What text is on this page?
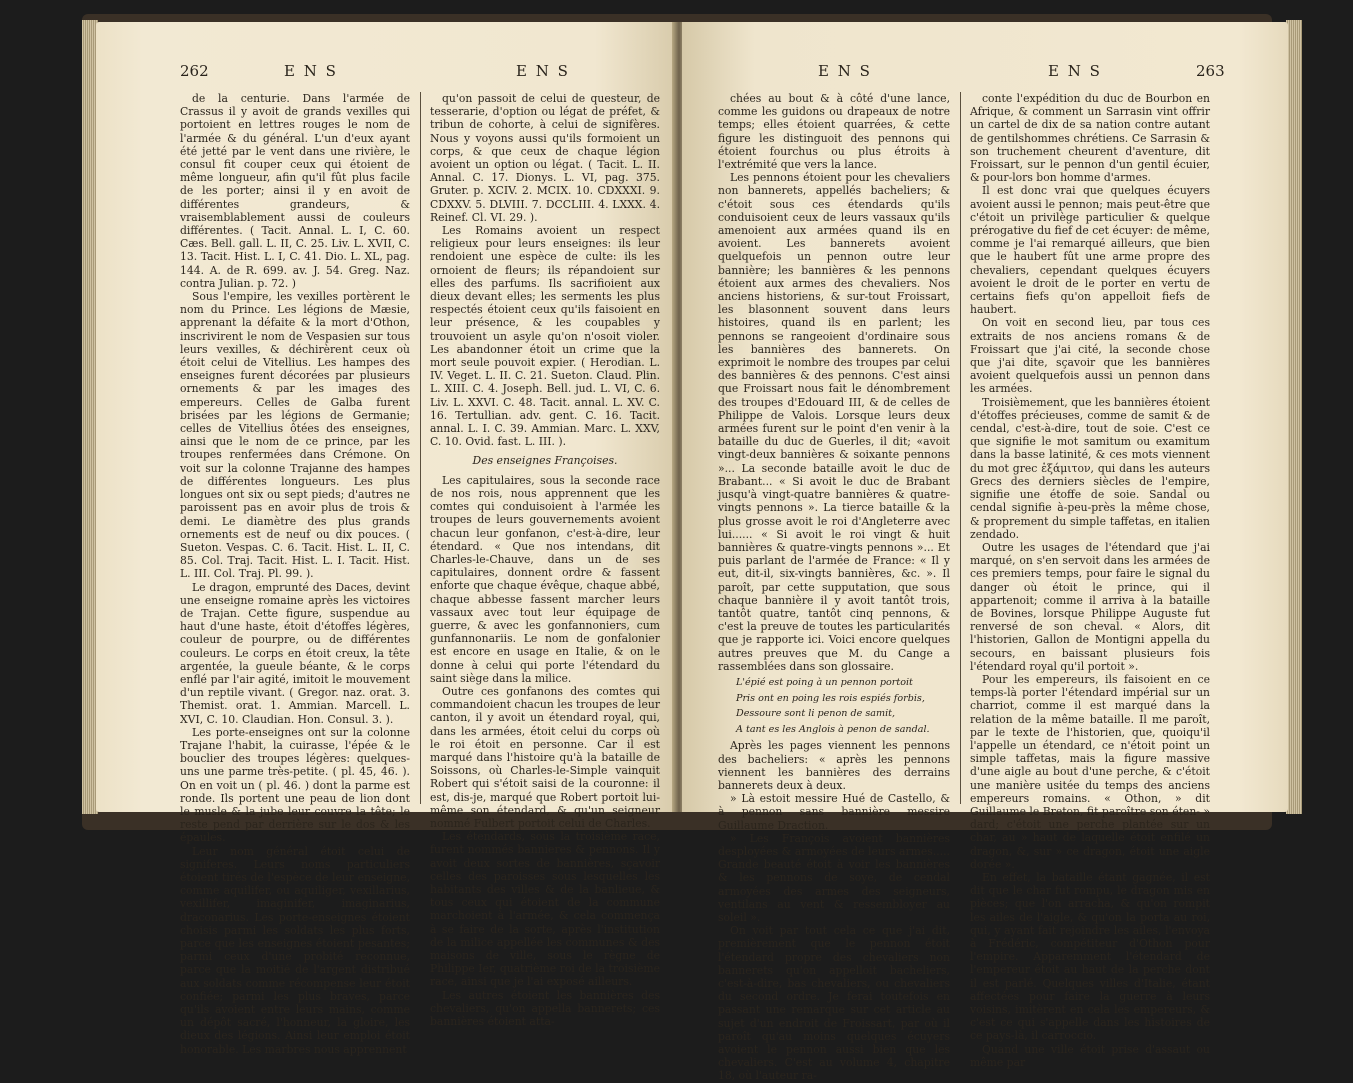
262	E N S	E N S

de la centurie. Dans l'armée de Crassus il y avoit de grands vexilles qui portoient en lettres rouges le nom de l'armée & du général. L'un d'eux ayant été jetté par le vent dans une rivière, le consul fit couper ceux qui étoient de même longueur, afin qu'il fût plus facile de les porter; ainsi il y en avoit de différentes grandeurs, & vraisemblablement aussi de couleurs différentes. ( Tacit. Annal. L. I, C. 60. Cæs. Bell. gall. L. II, C. 25. Liv. L. XVII, C. 13. Tacit. Hist. L. I, C. 41. Dio. L. XL, pag. 144. A. de R. 699. av. J. 54. Greg. Naz. contra Julian. p. 72. )

Sous l'empire, les vexilles portèrent le nom du Prince. Les légions de Mæsie, apprenant la défaite & la mort d'Othon, inscrivirent le nom de Vespasien sur tous leurs vexilles, & déchirèrent ceux où étoit celui de Vitellius. Les hampes des enseignes furent décorées par plusieurs ornements & par les images des empereurs. Celles de Galba furent brisées par les légions de Germanie; celles de Vitellius ôtées des enseignes, ainsi que le nom de ce prince, par les troupes renfermées dans Crémone. On voit sur la colonne Trajanne des hampes de différentes longueurs. Les plus longues ont six ou sept pieds; d'autres ne paroissent pas en avoir plus de trois & demi. Le diamètre des plus grands ornements est de neuf ou dix pouces. ( Sueton. Vespas. C. 6. Tacit. Hist. L. II, C. 85. Col. Traj. Tacit. Hist. L. I. Tacit. Hist. L. III. Col. Traj. Pl. 99. ).

Le dragon, emprunté des Daces, devint une enseigne romaine après les victoires de Trajan. Cette figure, suspendue au haut d'une haste, étoit d'étoffes légères, couleur de pourpre, ou de différentes couleurs. Le corps en étoit creux, la tête argentée, la gueule béante, & le corps enflé par l'air agité, imitoit le mouvement d'un reptile vivant. ( Gregor. naz. orat. 3. Themist. orat. 1. Ammian. Marcell. L. XVI, C. 10. Claudian. Hon. Consul. 3. ).

Les porte-enseignes ont sur la colonne Trajane l'habit, la cuirasse, l'épée & le bouclier des troupes légères: quelques-uns une parme très-petite. ( pl. 45, 46. ). On en voit un ( pl. 46. ) dont la parme est ronde. Ils portent une peau de lion dont le musle & la jube leur couvre la tête; le reste pend par derrière sur le dos & les épaules.

Leur nom général étoit celui de signiferes. Leurs noms particuliers étoient tirés de l'espèce de leur enseigne, comme aquilifer, ou aquiliger, vexillarius, vexillifer, imaginifer, imaginarius, draconarius. Les porte-enseignes étoient choisis parmi les soldats les plus forts, parce que les enseignes étoient pesantes; parmi ceux d'une probité reconnue, parce que la moitié de l'argent distribué aux soldats comme récompense leur étoit confiée; parmi les plus braves, parce qu'ils avoient entre leurs mains, comme un dépôt sacré, l'honneur, la gloire, les dieux des légions. Ainsi leur emploi étoit honorable. Les marbres nous apprennent

qu'on passoit de celui de questeur, de tesserarie, d'option ou légat de préfet, & tribun de cohorte, à celui de signifères. Nous y voyons aussi qu'ils formoient un corps, & que ceux de chaque légion avoient un option ou légat. ( Tacit. L. II. Annal. C. 17. Dionys. L. VI, pag. 375. Gruter. p. XCIV. 2. MCIX. 10. CDXXXI. 9. CDXXV. 5. DLVIII. 7. DCCLIII. 4. LXXX. 4. Reinef. Cl. VI. 29. ).

Les Romains avoient un respect religieux pour leurs enseignes: ils leur rendoient une espèce de culte: ils les ornoient de fleurs; ils répandoient sur elles des parfums. Ils sacrifioient aux dieux devant elles; les serments les plus respectés étoient ceux qu'ils faisoient en leur présence, & les coupables y trouvoient un asyle qu'on n'osoit violer. Les abandonner étoit un crime que la mort seule pouvoit expier. ( Herodian. L. IV. Veget. L. II. C. 21. Sueton. Claud. Plin. L. XIII. C. 4. Joseph. Bell. jud. L. VI, C. 6. Liv. L. XXVI. C. 48. Tacit. annal. L. XV. C. 16. Tertullian. adv. gent. C. 16. Tacit. annal. L. I. C. 39. Ammian. Marc. L. XXV, C. 10. Ovid. fast. L. III. ).

Des enseignes Françoises.

Les capitulaires, sous la seconde race de nos rois, nous apprennent que les comtes qui conduisoient à l'armée les troupes de leurs gouvernements avoient chacun leur gonfanon, c'est-à-dire, leur étendard. « Que nos intendans, dit Charles-le-Chauve, dans un de ses capitulaires, donnent ordre & fassent enforte que chaque évêque, chaque abbé, chaque abbesse fassent marcher leurs vassaux avec tout leur équipage de guerre, & avec les gonfannoniers, cum gunfannonariis. Le nom de gonfalonier est encore en usage en Italie, & on le donne à celui qui porte l'étendard du saint siège dans la milice.

Outre ces gonfanons des comtes qui commandoient chacun les troupes de leur canton, il y avoit un étendard royal, qui, dans les armées, étoit celui du corps où le roi étoit en personne. Car il est marqué dans l'histoire qu'à la bataille de Soissons, où Charles-le-Simple vainquit Robert qui s'étoit saisi de la couronne: il est, dis-je, marqué que Robert portoit lui-même son étendard, & qu'un seigneur nommé Fulbert portoit celui de Charles.

Les étendards, sous la troisième race, furent nommés bannieres & pennons. Il y avoit deux sortes de bannières, sçavoir celles des paroisses sous lesquelles les habitants des villes & de la banlieue, & tous ceux qui étoient de la commune marchoient à l'armée, & cela commença à se faire de la sorte, après l'institution de la milice appellée les communes & des maisons de ville, sous le règne de Philippe Ier, quatrième roi de la troisième race, ainsi que je l'ai exposé ailleurs.

Les autres étoient les bannières des chevaliers, qu'on appella bannerets; ces bannières étoient atta-

E N S	E N S	263

chées au bout & à côté d'une lance, comme les guidons ou drapeaux de notre temps; elles étoient quarrées, & cette figure les distinguoit des pennons qui étoient fourchus ou plus étroits à l'extrémité que vers la lance.

Les pennons étoient pour les chevaliers non bannerets, appellés bacheliers; & c'étoit sous ces étendards qu'ils conduisoient ceux de leurs vassaux qu'ils amenoient aux armées quand ils en avoient. Les bannerets avoient quelquefois un pennon outre leur bannière; les bannières & les pennons étoient aux armes des chevaliers. Nos anciens historiens, & sur-tout Froissart, les blasonnent souvent dans leurs histoires, quand ils en parlent; les pennons se rangeoient d'ordinaire sous les bannières des bannerets. On exprimoit le nombre des troupes par celui des bannières & des pennons. C'est ainsi que Froissart nous fait le dénombrement des troupes d'Edouard III, & de celles de Philippe de Valois. Lorsque leurs deux armées furent sur le point d'en venir à la bataille du duc de Guerles, il dit; «avoit vingt-deux bannières & soixante pennons »... La seconde bataille avoit le duc de Brabant... « Si avoit le duc de Brabant jusqu'à vingt-quatre bannières & quatre-vingts pennons ». La tierce bataille & la plus grosse avoit le roi d'Angleterre avec lui...... « Si avoit le roi vingt & huit bannières & quatre-vingts pennons »... Et puis parlant de l'armée de France: « Il y eut, dit-il, six-vingts bannières, &c. ». Il paroît, par cette supputation, que sous chaque bannière il y avoit tantôt trois, tantôt quatre, tantôt cinq pennons, & c'est la preuve de toutes les particularités que je rapporte ici. Voici encore quelques autres preuves que M. du Cange a rassemblées dans son glossaire.

L'épié est poing à un pennon portoit

Pris ont en poing les rois espiés forbis,

Dessoure sont li penon de samit,

A tant es les Anglois à penon de sandal.

Après les pages viennent les pennons des bacheliers: « après les pennons viennent les bannières des derrains bannerets deux à deux.

» Là estoit messire Hué de Castello, & à pennon sans bannière messire Guillaume Draction.

» Les François avoient bannières desployées & armoyées de leurs armes..... Grande beauté étoit à voir les bannières & les pennons de soye, de cendal armoyées des armes des seigneurs, ventilans au vent & ressembloyer au soleil ».

On voit par tout cela ce que j'ai dit, premièrement que le pennon étoit l'étendard propre des chevaliers non bannerets qu'on appelloit bacheliers, c'est-à-dire, bas chevaliers, ou chevaliers du second ordre. Je ferai toutefois en passant une remarque sur cet article au sujet d'un endroit de Froissart, par où il paroît qu'au moins quelques écuyers avoient le pennon aussi bien que les chevaliers. C'est au volume 4, chapitre 18, où l'auteur ra-

conte l'expédition du duc de Bourbon en Afrique, & comment un Sarrasin vint offrir un cartel de dix de sa nation contre autant de gentilshommes chrétiens. Ce Sarrasin & son truchement cheurent d'aventure, dit Froissart, sur le pennon d'un gentil écuier, & pour-lors bon homme d'armes.

Il est donc vrai que quelques écuyers avoient aussi le pennon; mais peut-être que c'étoit un privilège particulier & quelque prérogative du fief de cet écuyer: de même, comme je l'ai remarqué ailleurs, que bien que le haubert fût une arme propre des chevaliers, cependant quelques écuyers avoient le droit de le porter en vertu de certains fiefs qu'on appelloit fiefs de haubert.

On voit en second lieu, par tous ces extraits de nos anciens romans & de Froissart que j'ai cité, la seconde chose que j'ai dite, sçavoir que les bannières avoient quelquefois aussi un pennon dans les armées.

Troisièmement, que les bannières étoient d'étoffes précieuses, comme de samit & de cendal, c'est-à-dire, tout de soie. C'est ce que signifie le mot samitum ou examitum dans la basse latinité, & ces mots viennent du mot grec ἑξάμιτον, qui dans les auteurs Grecs des derniers siècles de l'empire, signifie une étoffe de soie. Sandal ou cendal signifie à-peu-près la même chose, & proprement du simple taffetas, en italien zendado.

Outre les usages de l'étendard que j'ai marqué, on s'en servoit dans les armées de ces premiers temps, pour faire le signal du danger où étoit le prince, qui il appartenoit; comme il arriva à la bataille de Bovines, lorsque Philippe Auguste fut renversé de son cheval. « Alors, dit l'historien, Gallon de Montigni appella du secours, en baissant plusieurs fois l'étendard royal qu'il portoit ».

Pour les empereurs, ils faisoient en ce temps-là porter l'étendard impérial sur un charriot, comme il est marqué dans la relation de la même bataille. Il me paroît, par le texte de l'historien, que, quoiqu'il l'appelle un étendard, ce n'étoit point un simple taffetas, mais la figure massive d'une aigle au bout d'une perche, & c'étoit une manière usitée du temps des anciens empereurs romains. « Othon, » dit Guillaume le Breton, fit paroître son éten- » dard; c'étoit une perche plantée sur un char, au » haut de laquelle étoit enfilé un dragon, &, sur » ce dragon, étoit une aigle dorée ».

En effet, la bataille étant gagnée, il est dit que le char fut rompu, le dragon mis en pièces; que l'on arracha, & qu'on rompit les ailes de l'aigle, & qu'on la porta au roi, qui, y ayant fait rejoindre les ailes, l'envoya à Frédéric, compétiteur d'Othon pour l'empire. Apparemment l'étendard de l'empereur étoit au haut de la perche dont il est parlé. Quelques villes d'Italie, étant affectées pour faire la guerre à leurs voisins, imitèrent en cela les empereurs, & c'est ce qui s'appelle dans les histoires de ce pays-là, il carroccio.

Quand une ville étoit prise d'assaut ou même par
